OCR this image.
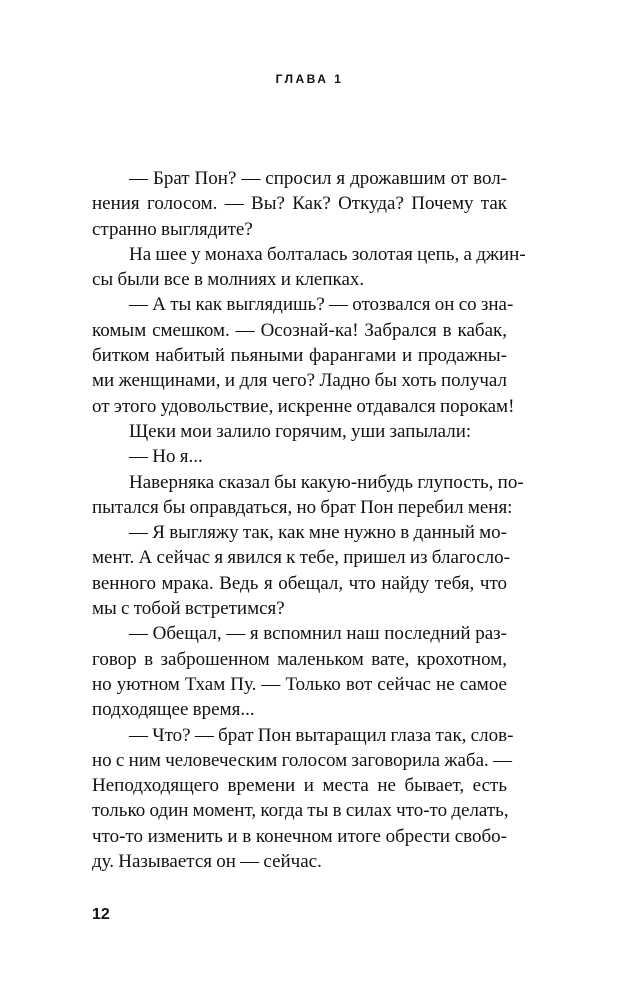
ГЛАВА 1
— Брат Пон? — спросил я дрожавшим от вол-
нения голосом. — Вы? Как? Откуда? Почему так
странно выглядите?
На шее у монаха болталась золотая цепь, а джин-
сы были все в молниях и клепках.
— А ты как выглядишь? — отозвался он со зна-
комым смешком. — Осознай-ка! Забрался в кабак,
битком набитый пьяными фарангами и продажны-
ми женщинами, и для чего? Ладно бы хоть получал
от этого удовольствие, искренне отдавался порокам!
Щеки мои залило горячим, уши запылали:
— Но я...
Наверняка сказал бы какую-нибудь глупость, по-
пытался бы оправдаться, но брат Пон перебил меня:
— Я выгляжу так, как мне нужно в данный мо-
мент. А сейчас я явился к тебе, пришел из благосло-
венного мрака. Ведь я обещал, что найду тебя, что
мы с тобой встретимся?
— Обещал, — я вспомнил наш последний раз-
говор в заброшенном маленьком вате, крохотном,
но уютном Тхам Пу. — Только вот сейчас не самое
подходящее время...
— Что? — брат Пон вытаращил глаза так, слов-
но с ним человеческим голосом заговорила жаба. —
Неподходящего времени и места не бывает, есть
только один момент, когда ты в силах что-то делать,
что-то изменить и в конечном итоге обрести свобо-
ду. Называется он — сейчас.
12
